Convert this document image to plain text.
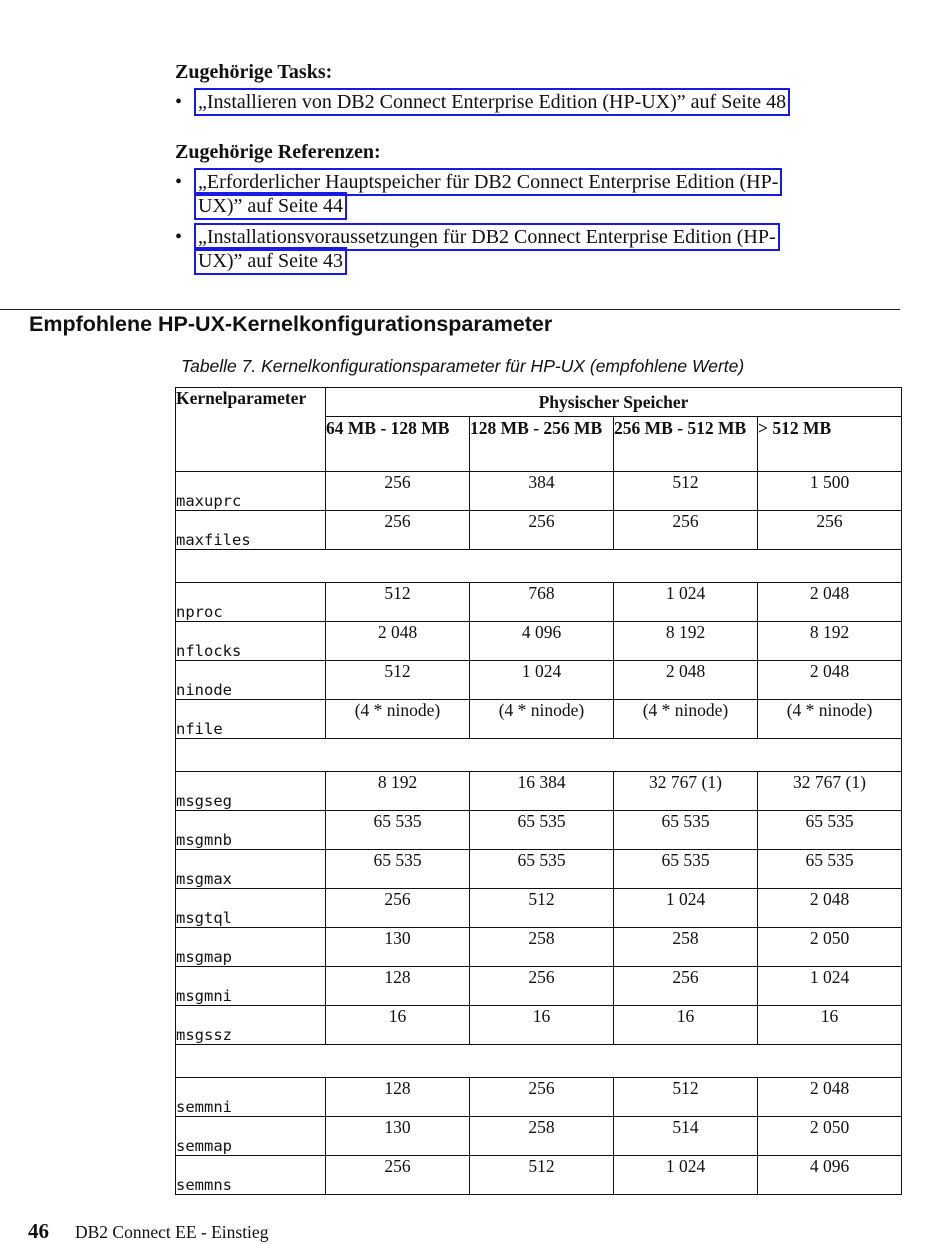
Zugehörige Tasks:
• „Installieren von DB2 Connect Enterprise Edition (HP-UX)” auf Seite 48
Zugehörige Referenzen:
• „Erforderlicher Hauptspeicher für DB2 Connect Enterprise Edition (HP-
UX)” auf Seite 44
• „Installationsvoraussetzungen für DB2 Connect Enterprise Edition (HP-
UX)” auf Seite 43
Empfohlene HP-UX-Kernelkonfigurationsparameter

Tabelle 7. Kernelkonfigurationsparameter für HP-UX (empfohlene Werte)

Kernelparameter	Physischer Speicher			
	64 MB - 128 MB	128 MB - 256 MB	256 MB - 512 MB	> 512 MB
maxuprc	256	384	512	1 500
maxfiles	256	256	256	256

nproc	512	768	1 024	2 048
nflocks	2 048	4 096	8 192	8 192
ninode	512	1 024	2 048	2 048
nfile	(4 * ninode)	(4 * ninode)	(4 * ninode)	(4 * ninode)

msgseg	8 192	16 384	32 767 (1)	32 767 (1)
msgmnb	65 535	65 535	65 535	65 535
msgmax	65 535	65 535	65 535	65 535
msgtql	256	512	1 024	2 048
msgmap	130	258	258	2 050
msgmni	128	256	256	1 024
msgssz	16	16	16	16

semmni	128	256	512	2 048
semmap	130	258	514	2 050
semmns	256	512	1 024	4 096

46 DB2 Connect EE - Einstieg
